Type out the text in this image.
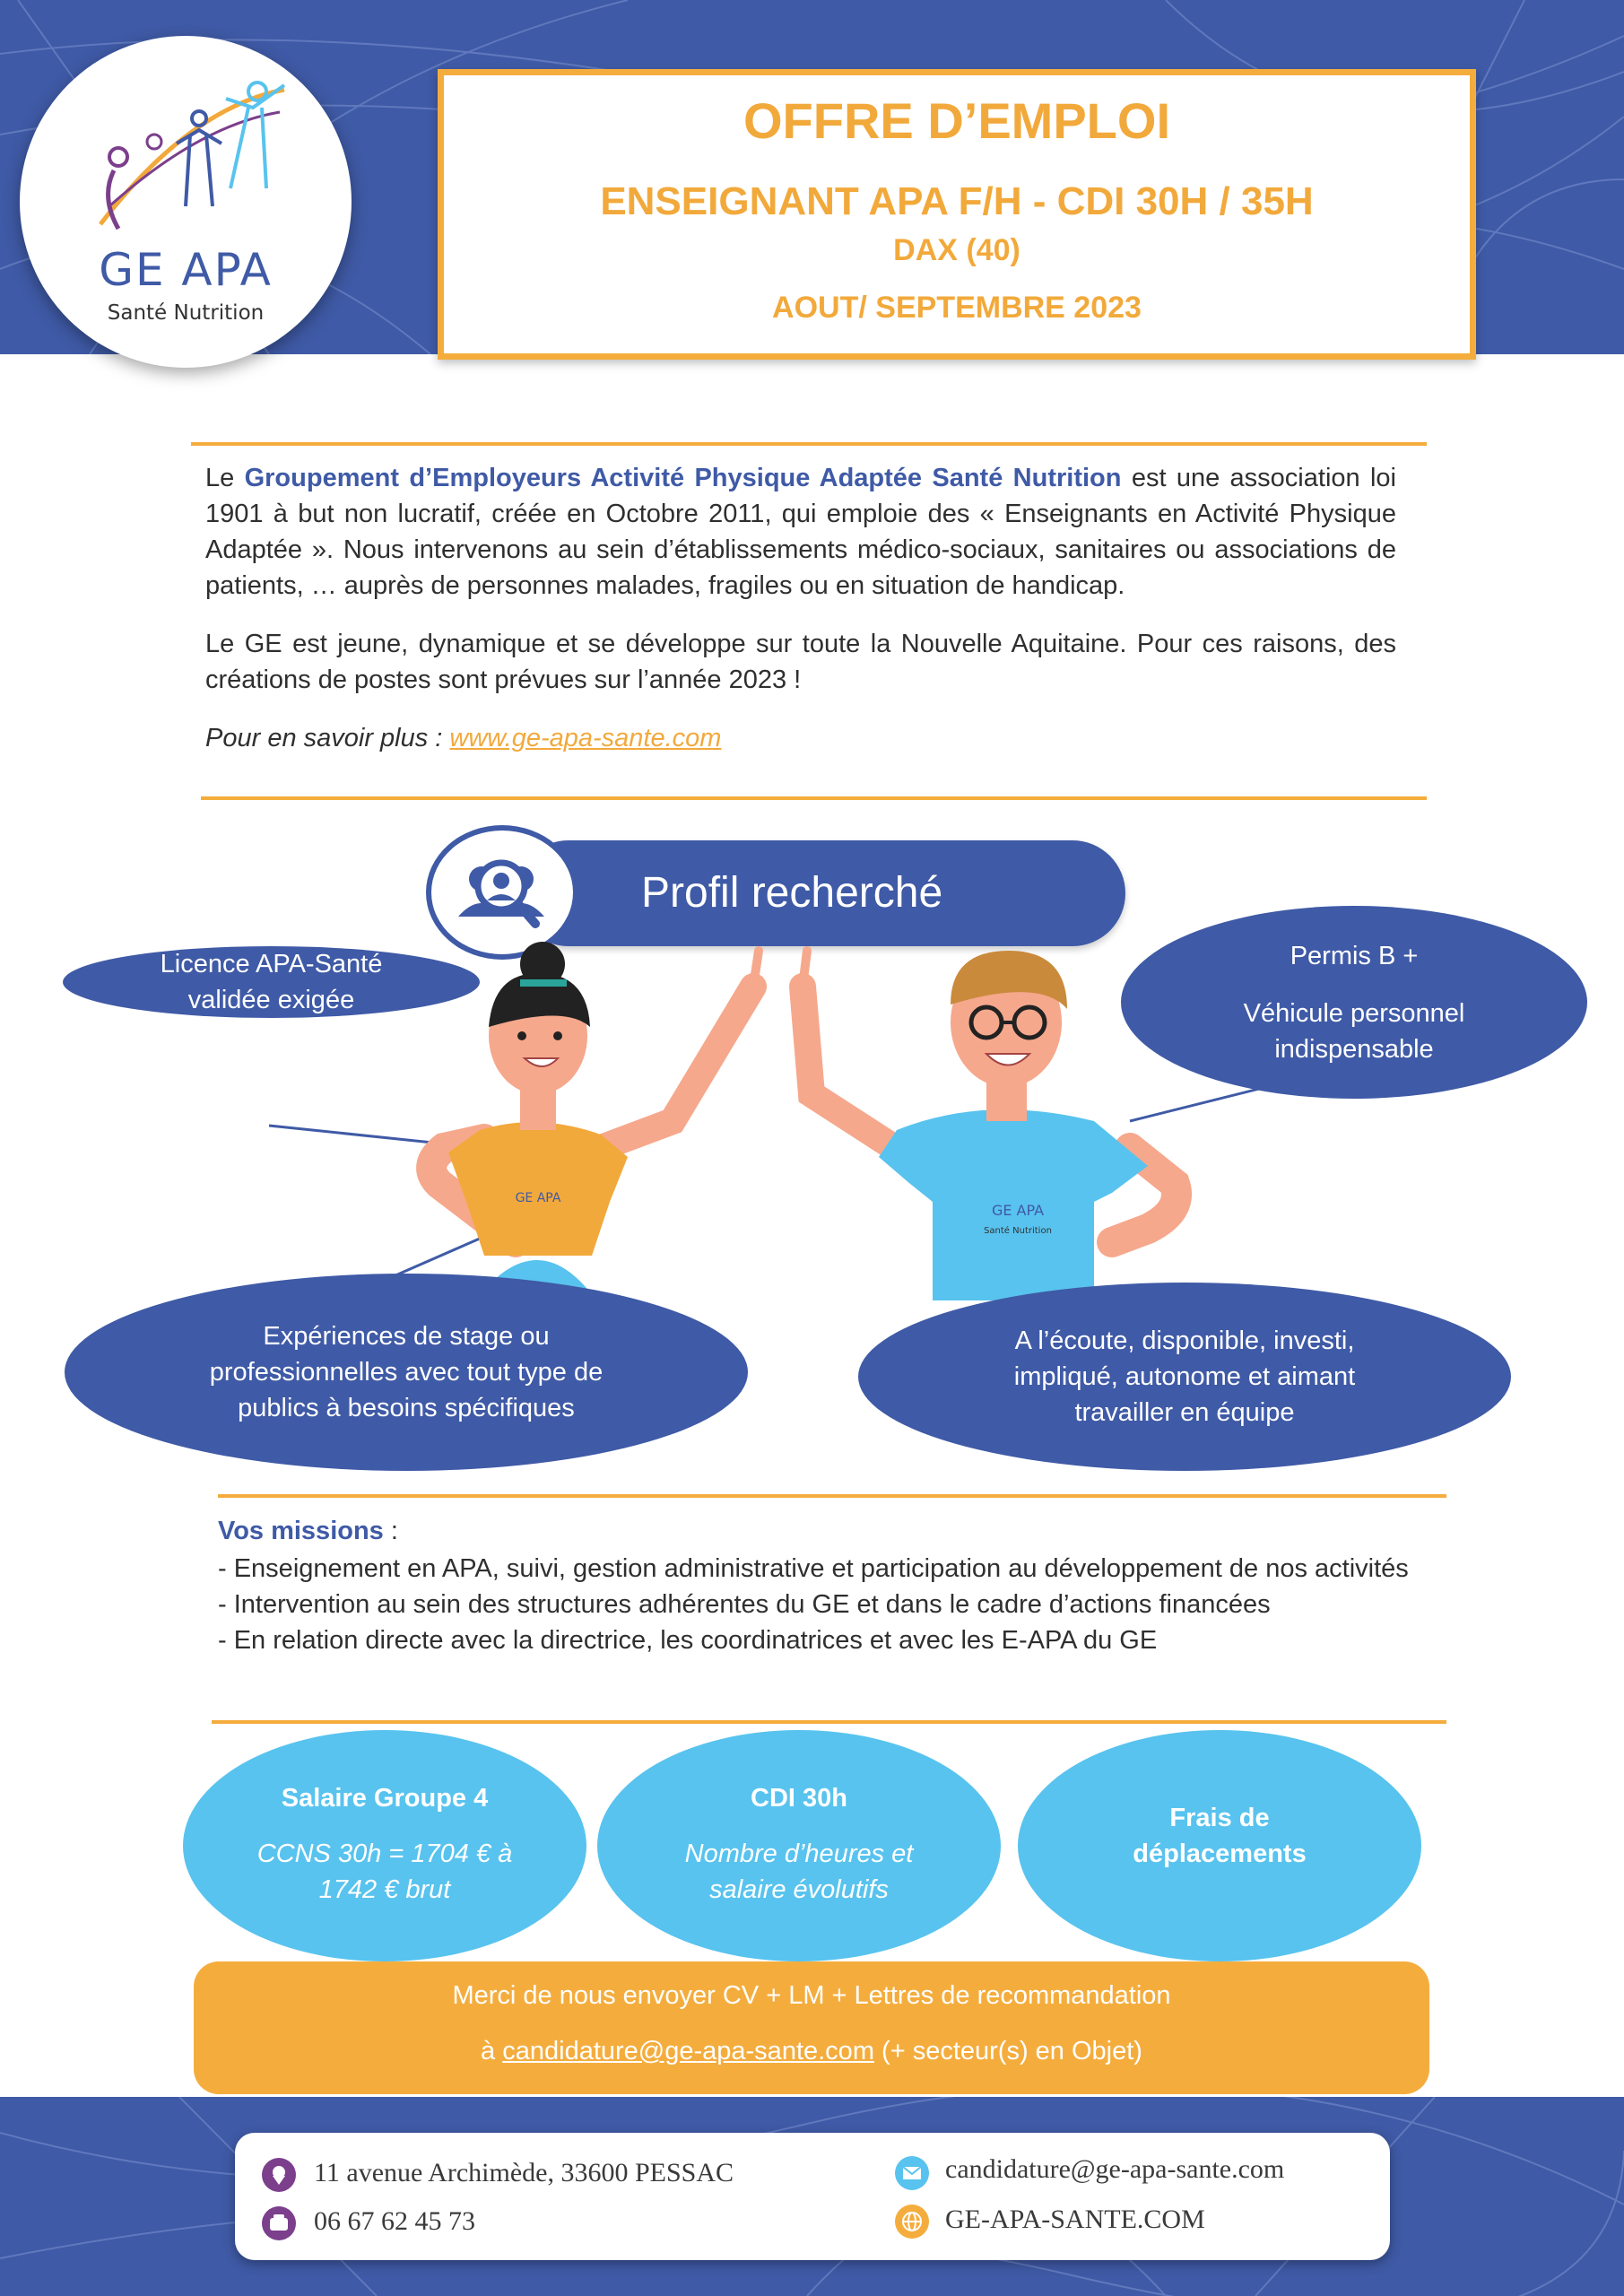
GE APA
Santé Nutrition
OFFRE D’EMPLOI
ENSEIGNANT APA F/H - CDI 30H / 35H
DAX (40)
AOUT/ SEPTEMBRE 2023

Le Groupement d’Employeurs Activité Physique Adaptée Santé Nutrition est une association loi 1901 à but non lucratif, créée en Octobre 2011, qui emploie des « Enseignants en Activité Physique Adaptée ». Nous intervenons au sein d’établissements médico-sociaux, sanitaires ou associations de patients, … auprès de personnes malades, fragiles ou en situation de handicap.

Le GE est jeune, dynamique et se développe sur toute la Nouvelle Aquitaine. Pour ces raisons, des créations de postes sont prévues sur l’année 2023 !

Pour en savoir plus : www.ge-apa-sante.com

Profil recherché
GE APA
GE APA
Santé Nutrition
Licence APA-Santé validée exigée
Permis B +
Véhicule personnel indispensable
Expériences de stage ou professionnelles avec tout type de publics à besoins spécifiques
A l’écoute, disponible, investi, impliqué, autonome et aimant travailler en équipe
Vos missions :
- Enseignement en APA, suivi, gestion administrative et participation au développement de nos activités
- Intervention au sein des structures adhérentes du GE et dans le cadre d’actions financées
- En relation directe avec la directrice, les coordinatrices et avec les E-APA du GE
Salaire Groupe 4
CCNS 30h = 1704 € à 1742 € brut
CDI 30h
Nombre d’heures et salaire évolutifs
Frais de déplacements
Merci de nous envoyer CV + LM + Lettres de recommandation
à candidature@ge-apa-sante.com (+ secteur(s) en Objet)
11 avenue Archimède, 33600 PESSAC
06 67 62 45 73
candidature@ge-apa-sante.com
GE-APA-SANTE.COM
